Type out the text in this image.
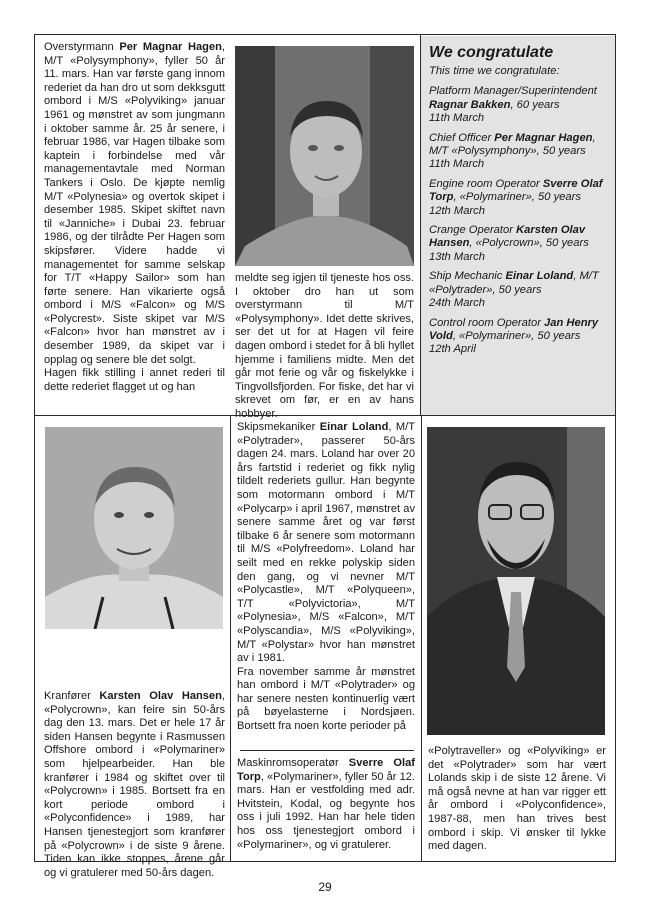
Overstyrmann Per Magnar Hagen, M/T «Polysymphony», fyller 50 år 11. mars. Han var første gang innom rederiet da han dro ut som dekksgutt ombord i M/S «Polyviking» januar 1961 og mønstret av som jungmann i oktober samme år. 25 år senere, i februar 1986, var Hagen tilbake som kaptein i forbindelse med vår managementavtale med Norman Tankers i Oslo. De kjøpte nemlig M/T «Polynesia» og overtok skipet i desember 1985. Skipet skiftet navn til «Janniche» i Dubai 23. februar 1986, og der tilrådte Per Hagen som skipsfører. Videre hadde vi managementet for samme selskap for T/T «Happy Sailor» som han førte senere. Han vikarierte også ombord i M/S «Falcon» og M/S «Polycrest». Siste skipet var M/S «Falcon» hvor han mønstret av i desember 1989, da skipet var i opplag og senere ble det solgt.

Hagen fikk stilling i annet rederi til dette rederiet flagget ut og han

meldte seg igjen til tjeneste hos oss. I oktober dro han ut som overstyrmann til M/T «Polysymphony». Idet dette skrives, ser det ut for at Hagen vil feire dagen ombord i stedet for å bli hyllet hjemme i familiens midte. Men det går mot ferie og vår og fiskelykke i Tingvollsfjorden. For fiske, det har vi skrevet om før, er en av hans hobbyer.

We congratulate

This time we congratulate:

Platform Manager/Superintendent Ragnar Bakken, 60 years
11th March
Chief Officer Per Magnar Hagen, M/T «Polysymphony», 50 years
11th March
Engine room Operator Sverre Olaf Torp, «Polymariner», 50 years
12th March
Crange Operator Karsten Olav Hansen, «Polycrown», 50 years
13th March
Ship Mechanic Einar Loland, M/T «Polytrader», 50 years
24th March
Control room Operator Jan Henry Vold, «Polymariner», 50 years
12th April

Kranfører Karsten Olav Hansen, «Polycrown», kan feire sin 50-års dag den 13. mars. Det er hele 17 år siden Hansen begynte i Rasmussen Offshore ombord i «Polymariner» som hjelpearbeider. Han ble kranfører i 1984 og skiftet over til «Polycrown» i 1985. Bortsett fra en kort periode ombord i «Polyconfidence» i 1989, har Hansen tjenestegjort som kranfører på «Polycrown» i de siste 9 årene. Tiden kan ikke stoppes, årene går og vi gratulerer med 50-års dagen.

Skipsmekaniker Einar Loland, M/T «Polytrader», passerer 50-års dagen 24. mars. Loland har over 20 års fartstid i rederiet og fikk nylig tildelt rederiets gullur. Han begynte som motormann ombord i M/T «Polycarp» i april 1967, mønstret av senere samme året og var først tilbake 6 år senere som motormann til M/S «Polyfreedom». Loland har seilt med en rekke polyskip siden den gang, og vi nevner M/T «Polycastle», M/T «Polyqueen», T/T «Polyvictoria», M/T «Polynesia», M/S «Falcon», M/T «Polyscandia», M/S «Polyviking», M/T «Polystar» hvor han mønstret av i 1981.

Fra november samme år mønstret han ombord i M/T «Polytrader» og har senere nesten kontinuerlig vært på bøyelasterne i Nordsjøen. Bortsett fra noen korte perioder på

Maskinromsoperatør Sverre Olaf Torp, «Polymariner», fyller 50 år 12. mars. Han er vestfolding med adr. Hvitstein, Kodal, og begynte hos oss i juli 1992. Han har hele tiden hos oss tjenestegjort ombord i «Polymariner», og vi gratulerer.

«Polytraveller» og «Polyviking» er det «Polytrader» som har vært Lolands skip i de siste 12 årene. Vi må også nevne at han var rigger ett år ombord i «Polyconfidence», 1987-88, men han trives best ombord i skip. Vi ønsker til lykke med dagen.

29
